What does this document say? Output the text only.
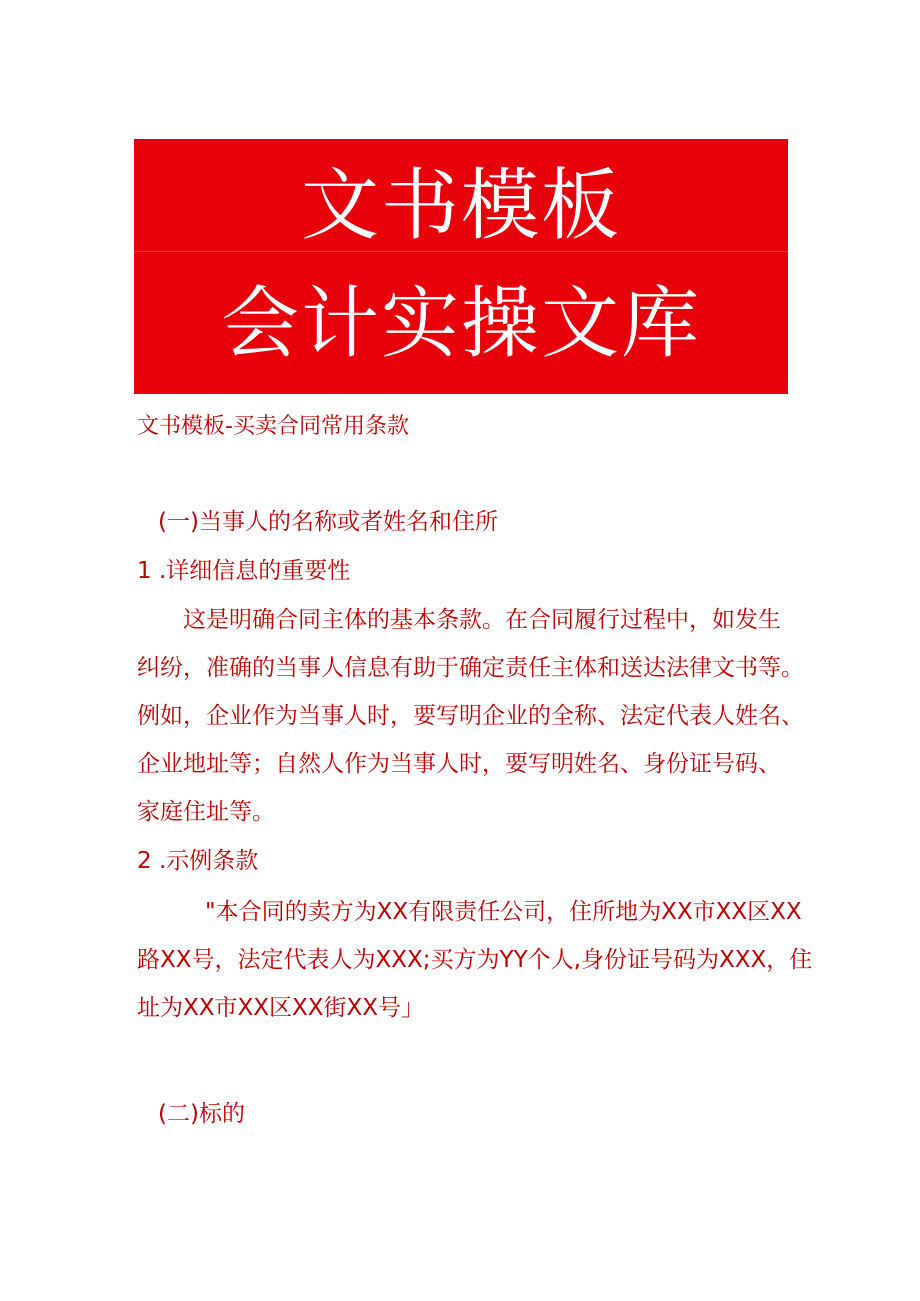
文书模板
会计实操文库
文书模板-买卖合同常用条款
(一)当事人的名称或者姓名和住所
1 .详细信息的重要性
这是明确合同主体的基本条款。在合同履行过程中，如发生
纠纷，准确的当事人信息有助于确定责任主体和送达法律文书等。
例如，企业作为当事人时，要写明企业的全称、法定代表人姓名、
企业地址等；自然人作为当事人时，要写明姓名、身份证号码、
家庭住址等。
2 .示例条款
"本合同的卖方为XX有限责任公司，住所地为XX市XX区XX
路XX号，法定代表人为XXX;买方为YY个人,身份证号码为XXX，住
址为XX市XX区XX街XX号」
(二)标的
